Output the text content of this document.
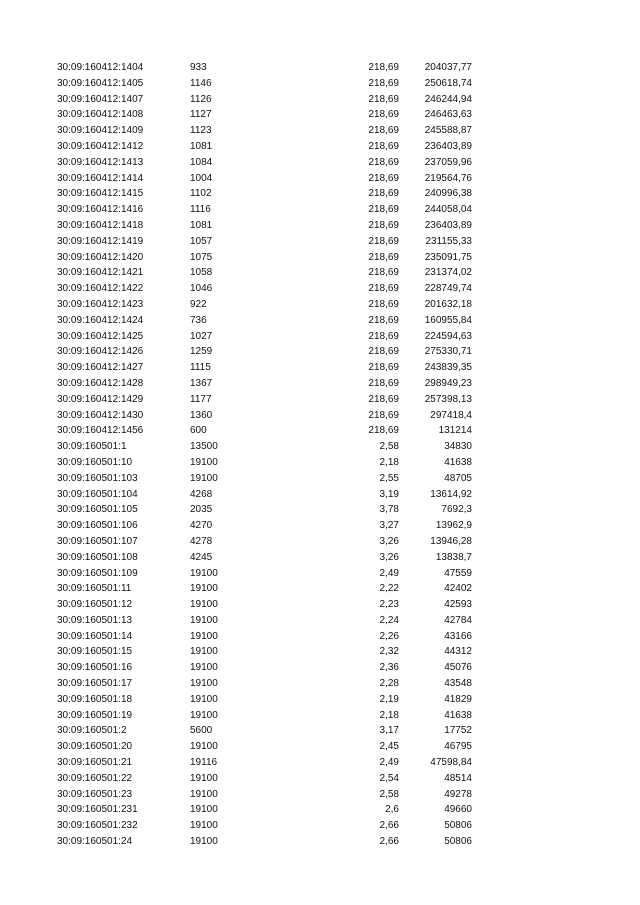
30:09:160412:1404	933	218,69	204037,77
30:09:160412:1405	1146	218,69	250618,74
30:09:160412:1407	1126	218,69	246244,94
30:09:160412:1408	1127	218,69	246463,63
30:09:160412:1409	1123	218,69	245588,87
30:09:160412:1412	1081	218,69	236403,89
30:09:160412:1413	1084	218,69	237059,96
30:09:160412:1414	1004	218,69	219564,76
30:09:160412:1415	1102	218,69	240996,38
30:09:160412:1416	1116	218,69	244058,04
30:09:160412:1418	1081	218,69	236403,89
30:09:160412:1419	1057	218,69	231155,33
30:09:160412:1420	1075	218,69	235091,75
30:09:160412:1421	1058	218,69	231374,02
30:09:160412:1422	1046	218,69	228749,74
30:09:160412:1423	922	218,69	201632,18
30:09:160412:1424	736	218,69	160955,84
30:09:160412:1425	1027	218,69	224594,63
30:09:160412:1426	1259	218,69	275330,71
30:09:160412:1427	1115	218,69	243839,35
30:09:160412:1428	1367	218,69	298949,23
30:09:160412:1429	1177	218,69	257398,13
30:09:160412:1430	1360	218,69	297418,4
30:09:160412:1456	600	218,69	131214
30:09:160501:1	13500	2,58	34830
30:09:160501:10	19100	2,18	41638
30:09:160501:103	19100	2,55	48705
30:09:160501:104	4268	3,19	13614,92
30:09:160501:105	2035	3,78	7692,3
30:09:160501:106	4270	3,27	13962,9
30:09:160501:107	4278	3,26	13946,28
30:09:160501:108	4245	3,26	13838,7
30:09:160501:109	19100	2,49	47559
30:09:160501:11	19100	2,22	42402
30:09:160501:12	19100	2,23	42593
30:09:160501:13	19100	2,24	42784
30:09:160501:14	19100	2,26	43166
30:09:160501:15	19100	2,32	44312
30:09:160501:16	19100	2,36	45076
30:09:160501:17	19100	2,28	43548
30:09:160501:18	19100	2,19	41829
30:09:160501:19	19100	2,18	41638
30:09:160501:2	5600	3,17	17752
30:09:160501:20	19100	2,45	46795
30:09:160501:21	19116	2,49	47598,84
30:09:160501:22	19100	2,54	48514
30:09:160501:23	19100	2,58	49278
30:09:160501:231	19100	2,6	49660
30:09:160501:232	19100	2,66	50806
30:09:160501:24	19100	2,66	50806
